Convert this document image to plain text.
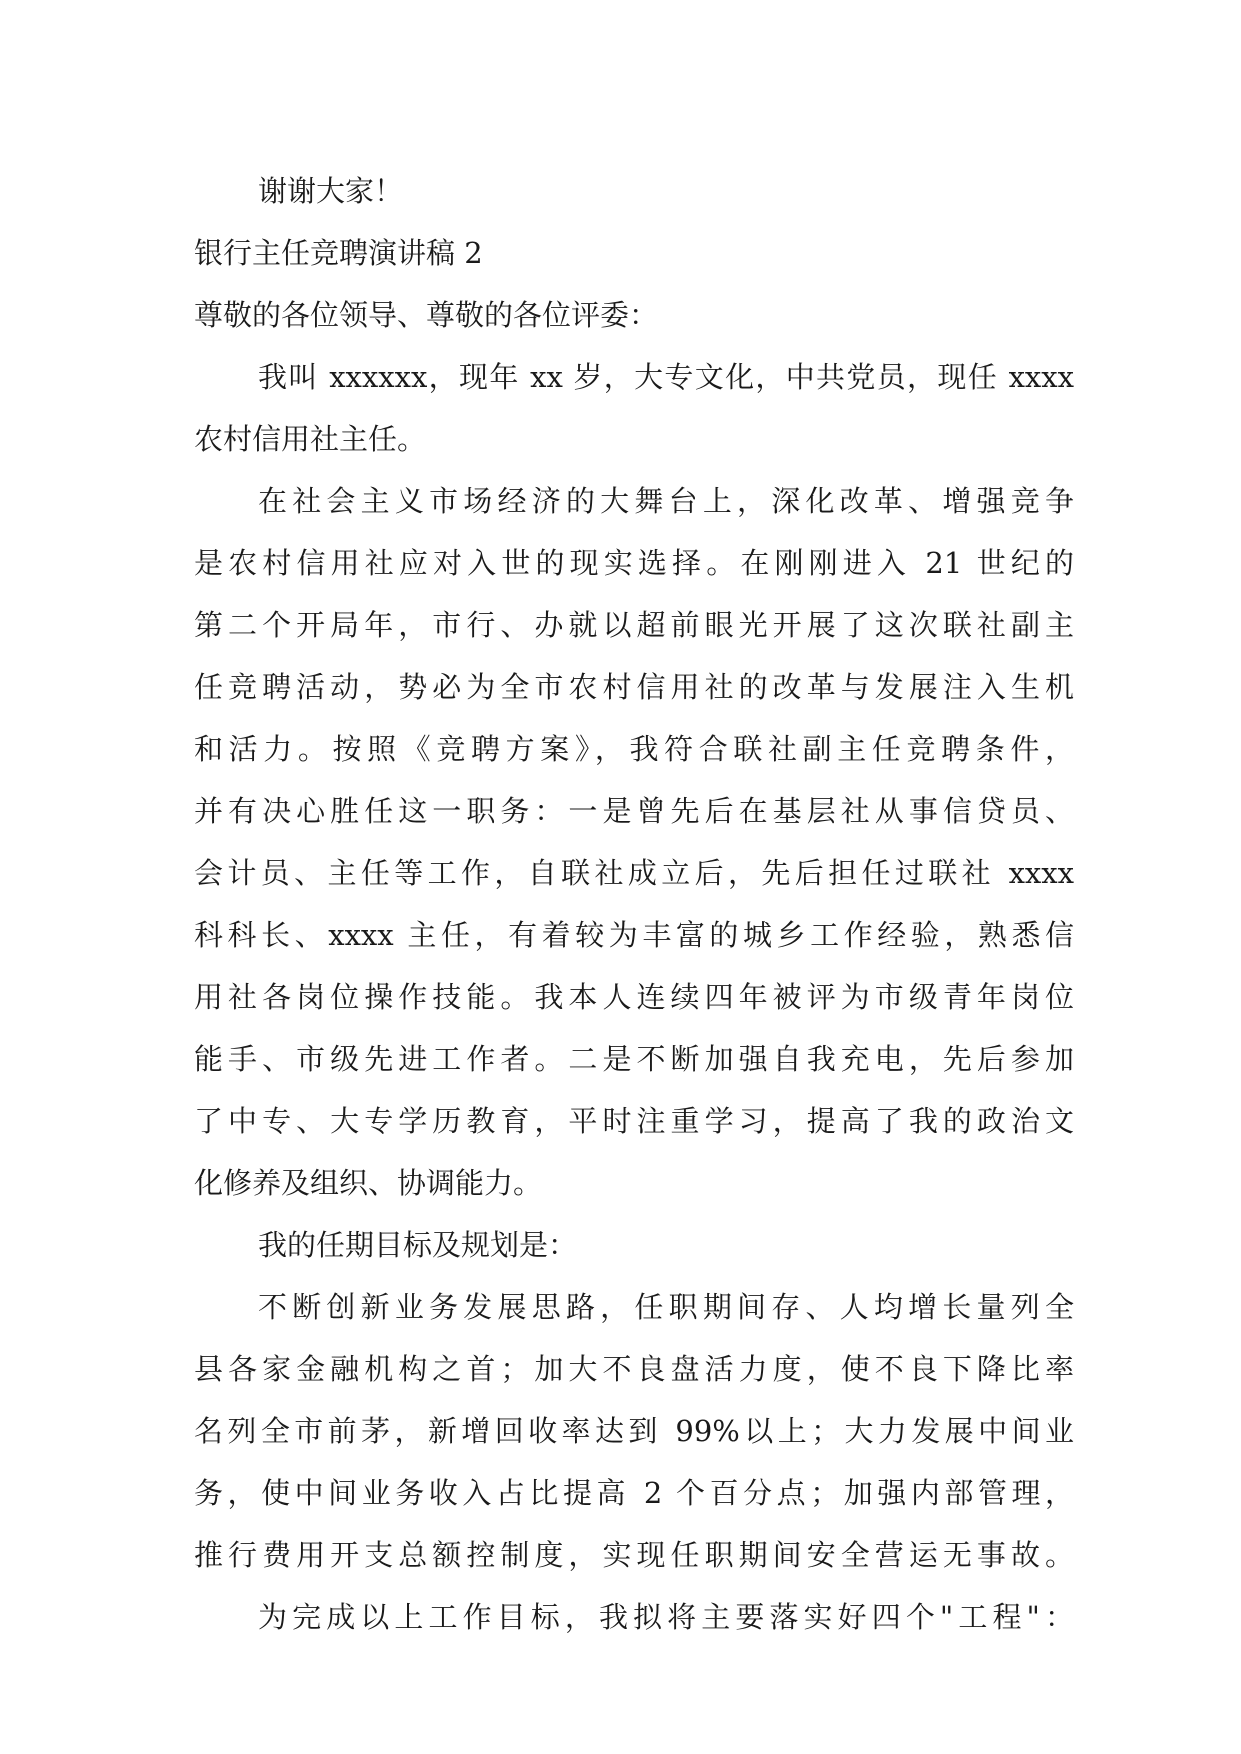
谢谢大家！
银行主任竞聘演讲稿 2
尊敬的各位领导、尊敬的各位评委：
我叫 xxxxxx，现年 xx 岁，大专文化，中共党员，现任 xxxx
农村信用社主任。
在社会主义市场经济的大舞台上，深化改革、增强竞争
是农村信用社应对入世的现实选择。在刚刚进入 21 世纪的
第二个开局年，市行、办就以超前眼光开展了这次联社副主
任竞聘活动，势必为全市农村信用社的改革与发展注入生机
和活力。按照《竞聘方案》，我符合联社副主任竞聘条件，
并有决心胜任这一职务：一是曾先后在基层社从事信贷员、
会计员、主任等工作，自联社成立后，先后担任过联社 xxxx
科科长、xxxx 主任，有着较为丰富的城乡工作经验，熟悉信
用社各岗位操作技能。我本人连续四年被评为市级青年岗位
能手、市级先进工作者。二是不断加强自我充电，先后参加
了中专、大专学历教育，平时注重学习，提高了我的政治文
化修养及组织、协调能力。
我的任期目标及规划是：
不断创新业务发展思路，任职期间存、人均增长量列全
县各家金融机构之首；加大不良盘活力度，使不良下降比率
名列全市前茅，新增回收率达到 99%以上；大力发展中间业
务，使中间业务收入占比提高 2 个百分点；加强内部管理，
推行费用开支总额控制度，实现任职期间安全营运无事故。
为完成以上工作目标，我拟将主要落实好四个"工程"：
